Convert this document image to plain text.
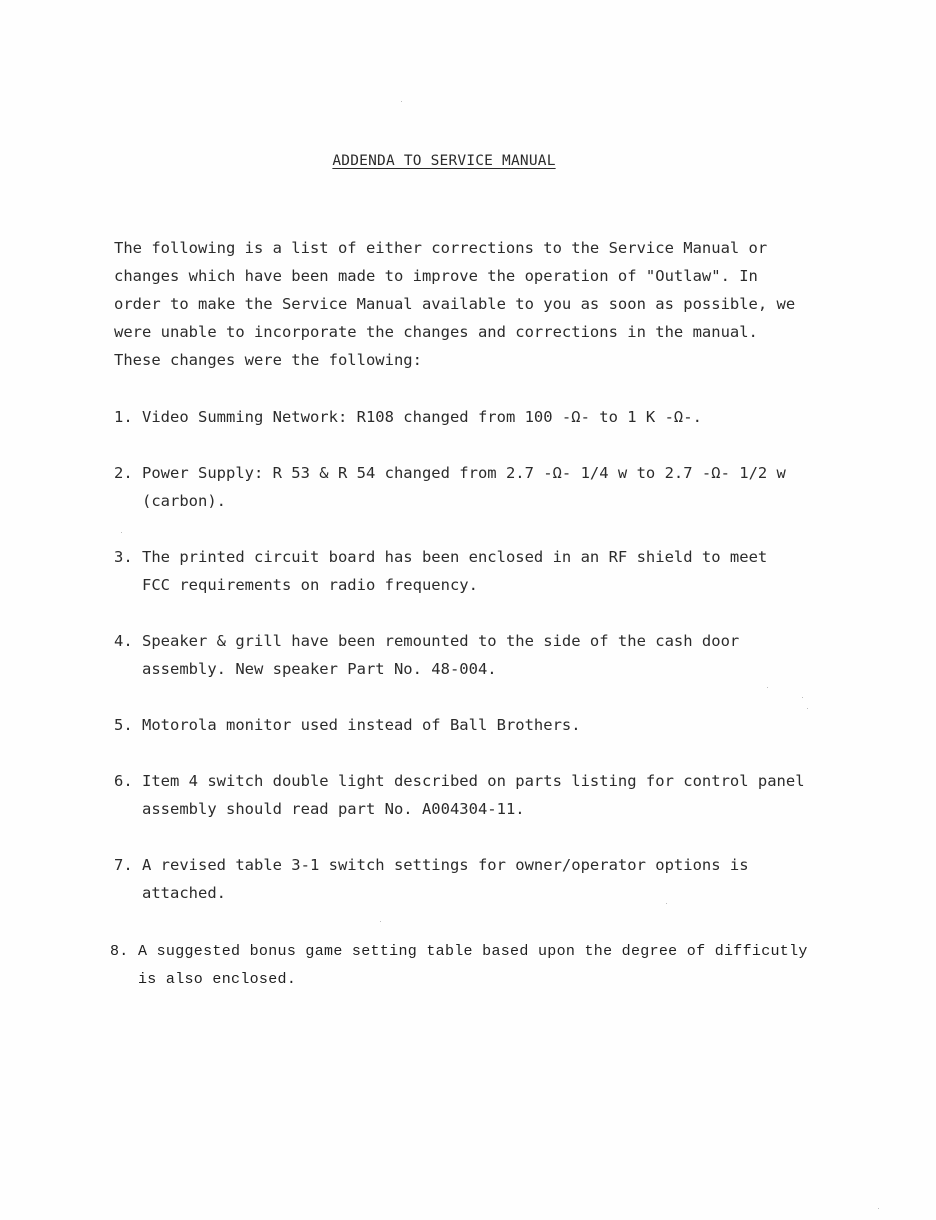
ADDENDA TO SERVICE MANUAL

The following is a list of either corrections to the Service Manual or
changes which have been made to improve the operation of "Outlaw". In
order to make the Service Manual available to you as soon as possible, we
were unable to incorporate the changes and corrections in the manual.
These changes were the following:

1. Video Summing Network: R108 changed from 100 -Ω- to 1 K -Ω-.
2. Power Supply: R 53 & R 54 changed from 2.7 -Ω- 1/4 w to 2.7 -Ω- 1/2 w
(carbon).
3. The printed circuit board has been enclosed in an RF shield to meet
FCC requirements on radio frequency.
4. Speaker & grill have been remounted to the side of the cash door
assembly. New speaker Part No. 48-004.
5. Motorola monitor used instead of Ball Brothers.
6. Item 4 switch double light described on parts listing for control panel
assembly should read part No. A004304-11.
7. A revised table 3-1 switch settings for owner/operator options is
attached.
8. A suggested bonus game setting table based upon the degree of difficutly
is also enclosed.
